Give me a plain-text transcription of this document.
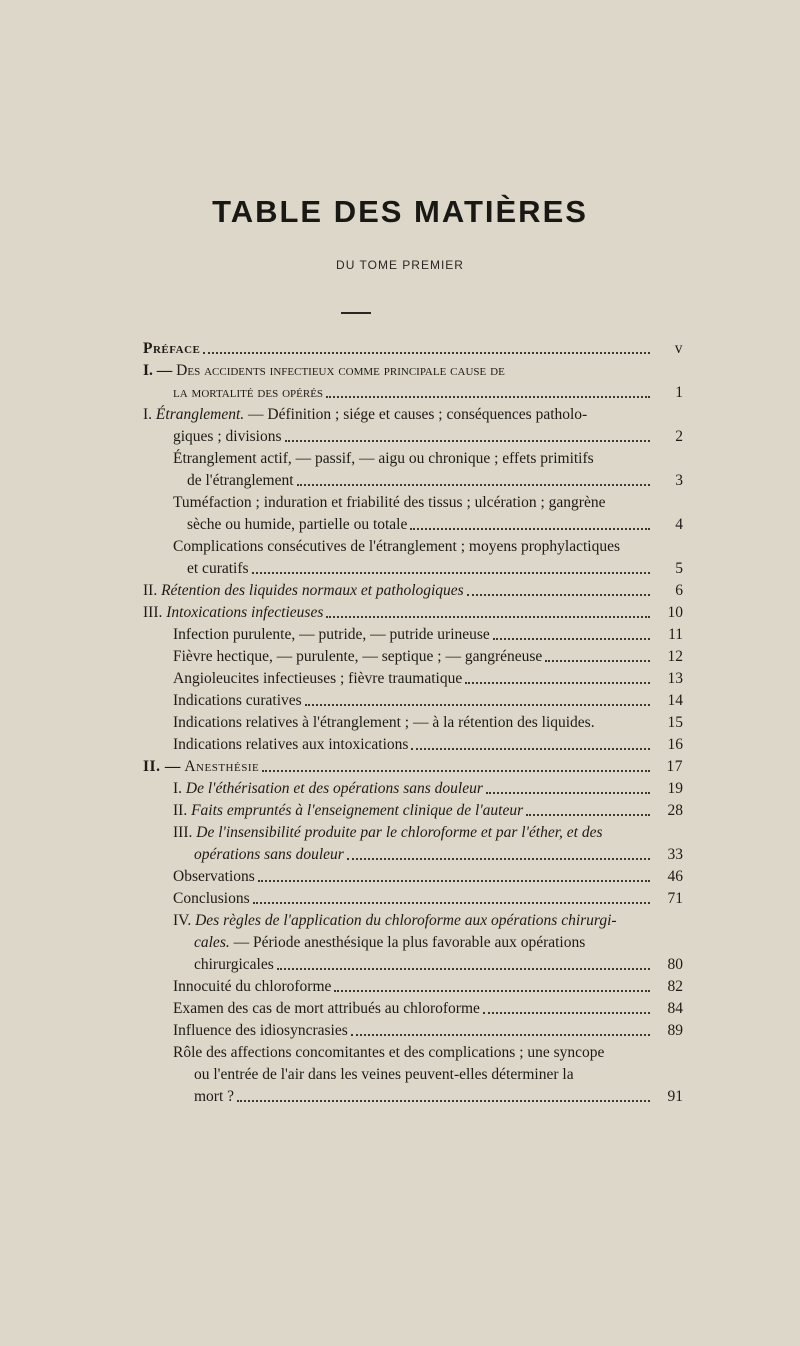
TABLE DES MATIÈRES
DU TOME PREMIER
Préface	v
I. — Des accidents infectieux comme principale cause de
la mortalité des opérés	1
I. Étranglement. — Définition ; siége et causes ; conséquences patholo-
giques ; divisions	2
Étranglement actif, — passif, — aigu ou chronique ; effets primitifs
de l'étranglement	3
Tuméfaction ; induration et friabilité des tissus ; ulcération ; gangrène
sèche ou humide, partielle ou totale	4
Complications consécutives de l'étranglement ; moyens prophylactiques
et curatifs	5
II. Rétention des liquides normaux et pathologiques	6
III. Intoxications infectieuses	10
Infection purulente, — putride, — putride urineuse	11
Fièvre hectique, — purulente, — septique ; — gangréneuse	12
Angioleucites infectieuses ; fièvre traumatique	13
Indications curatives	14
Indications relatives à l'étranglement ; — à la rétention des liquides.	15
Indications relatives aux intoxications	16
II. — Anesthésie	17
I. De l'éthérisation et des opérations sans douleur	19
II. Faits empruntés à l'enseignement clinique de l'auteur	28
III. De l'insensibilité produite par le chloroforme et par l'éther, et des
opérations sans douleur	33
Observations	46
Conclusions	71
IV. Des règles de l'application du chloroforme aux opérations chirurgi-
cales. — Période anesthésique la plus favorable aux opérations
chirurgicales	80
Innocuité du chloroforme	82
Examen des cas de mort attribués au chloroforme	84
Influence des idiosyncrasies	89
Rôle des affections concomitantes et des complications ; une syncope
ou l'entrée de l'air dans les veines peuvent-elles déterminer la
mort ?	91
